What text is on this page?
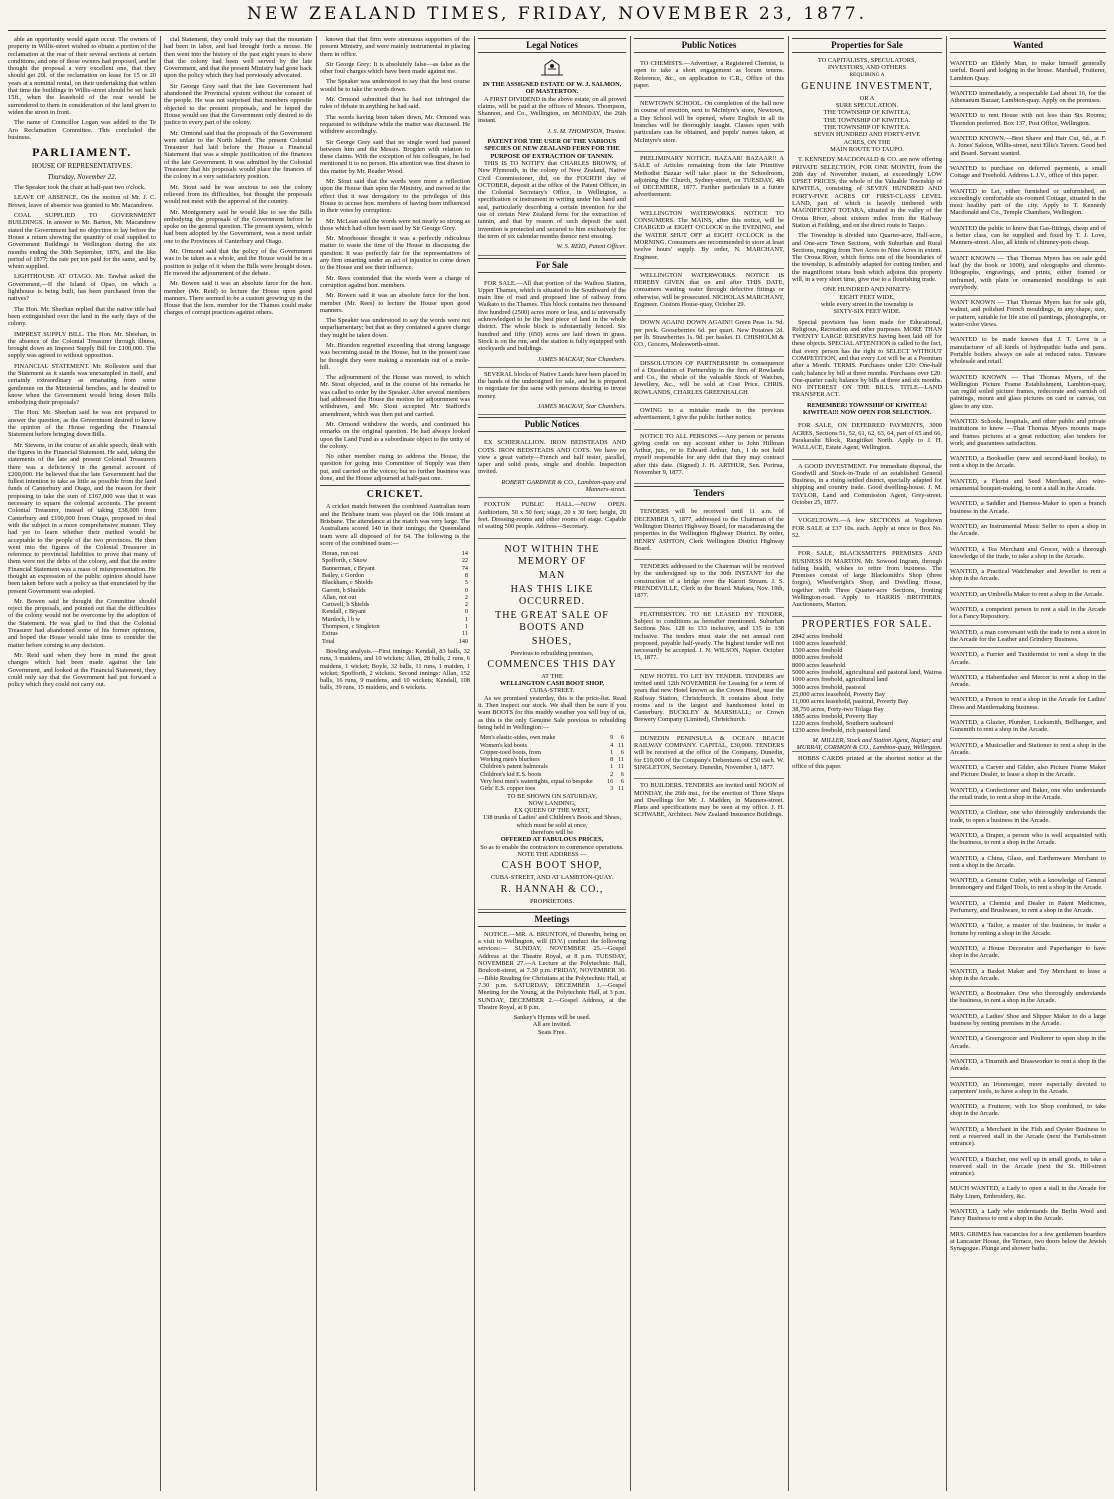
NEW ZEALAND TIMES, FRIDAY, NOVEMBER 23, 1877.
able an opportunity would again occur. The owners of property in Willis-street wished to obtain a portion of the reclamation at the rear of their several sections at certain conditions, and one of those owners had proposed, and he thought the proposal a very excellent one, that they should get 20l. of the reclamation on lease for 15 or 20 years at a nominal rental, on their undertaking that within that time the buildings in Willis-street should be set back 15ft., when the leasehold of the rear would be surrendered to them in consideration of the land given to widen the street in front.
The name of Councillor Logan was added to the Te Aro Reclamation Committee. This concluded the business.
PARLIAMENT.
HOUSE OF REPRESENTATIVES.
Thursday, November 22.
The Speaker took the chair at half-past two o'clock.
LEAVE OF ABSENCE. On the motion of Mr. J. C. Brown, leave of absence was granted to Mr. Macandrew.
COAL SUPPLIED TO GOVERNMENT BUILDINGS. In answer to Mr. Barton, Mr. Macandrew stated the Government had no objection to lay before the House a return showing the quantity of coal supplied to Government Buildings in Wellington during the six months ending the 30th September, 1876, and the like period of 1877; the rate per ton paid for the same, and by whom supplied.
LIGHTHOUSE AT OTAGO. Mr. Tawhai asked the Government,—If the Island of Opao, on which a lighthouse is being built, has been purchased from the natives?
The Hon. Mr. Sheehan replied that the native title had been extinguished over the land in the early days of the colony.
IMPREST SUPPLY BILL. The Hon. Mr. Sheehan, in the absence of the Colonial Treasurer through illness, brought down an Imprest Supply Bill for £100,000. The supply was agreed to without opposition.
FINANCIAL STATEMENT. Mr. Rolleston said that the Statement as it stands was unexampled in itself, and certainly extraordinary as emanating from some gentlemen on the Ministerial benches, and he desired to know when the Government would bring down Bills embodying their proposals?
The Hon. Mr. Sheehan said he was not prepared to answer the question, as the Government desired to know the opinion of the House regarding the Financial Statement before bringing down Bills.
Mr. Stevens, in the course of an able speech, dealt with the figures in the Financial Statement. He said, taking the statements of the late and present Colonial Treasurers there was a deficiency in the general account of £200,000. He believed that the late Government had the fullest intention to take as little as possible from the land funds of Canterbury and Otago, and the reason for their proposing to take the sum of £167,000 was that it was necessary to square the colonial accounts. The present Colonial Treasurer, instead of taking £38,000 from Canterbury and £100,000 from Otago, proposed to deal with the subject in a more comprehensive manner. They had yet to learn whether their method would be acceptable to the people of the two provinces. He then went into the figures of the Colonial Treasurer in reference to provincial liabilities to prove that many of them were not the debts of the colony, and that the entire Financial Statement was a mass of misrepresentation. He thought an expression of the public opinion should have been taken before such a policy as that enunciated by the present Government was adopted.
Mr. Bowen said he thought the Committee should reject the proposals, and pointed out that the difficulties of the colony would not be overcome by the adoption of the Statement. He was glad to find that the Colonial Treasurer had abandoned some of his former opinions, and hoped the House would take time to consider the matter before coming to any decision.
Mr. Reid said when they bore in mind the great changes which had been made against the late Government, and looked at the Financial Statement, they could only say that the Government had put forward a policy which they could not carry out.
cial Statement, they could truly say that the mountain had been in labor, and had brought forth a mouse. He then went into the history of the past eight years to show that the colony had been well served by the late Government, and that the present Ministry had gone back upon the policy which they had previously advocated.
Sir George Grey said that the late Government had abandoned the Provincial system without the consent of the people. He was not surprised that members opposite objected to the present proposals, and he hoped the House would see that the Government only desired to do justice to every part of the colony.
Mr. Ormond said that the proposals of the Government were unfair to the North Island. The present Colonial Treasurer had laid before the House a Financial Statement that was a simple justification of the finances of the late Government. It was admitted by the Colonial Treasurer that his proposals would place the finances of the colony in a very satisfactory position.
Mr. Stout said he was anxious to see the colony relieved from its difficulties, but thought the proposals would not meet with the approval of the country.
Mr. Montgomery said he would like to see the Bills embodying the proposals of the Government before he spoke on the general question. The present system, which had been adopted by the Government, was a most unfair one to the Provinces of Canterbury and Otago.
Mr. Ormond said that the policy of the Government was to be taken as a whole, and the House would be in a position to judge of it when the Bills were brought down. He moved the adjournment of the debate.
Mr. Bowen said it was an absolute farce for the hon. member (Mr. Reid) to lecture the House upon good manners. There seemed to be a custom growing up in the House that the hon. member for the Thames could make charges of corrupt practices against others.
known that that firm were strenuous supporters of the present Ministry, and were mainly instrumental in placing them in office.
Sir George Grey: It is absolutely false—as false as the other foul charges which have been made against me.
The Speaker was understood to say that the best course would be to take the words down.
Mr. Ormond submitted that he had not infringed the rules of debate in anything he had said.
The words having been taken down, Mr. Ormond was requested to withdraw while the matter was discussed. He withdrew accordingly.
Sir George Grey said that no single word had passed between him and the Messrs. Brogden with relation to these claims. With the exception of his colleagues, he had mentioned it to no person. His attention was first drawn to this matter by Mr. Reader Wood.
Mr. Stout said that the words were more a reflection upon the House than upon the Ministry, and moved to the effect that it was derogatory to the privileges of this House to accuse hon. members of having been influenced in their votes by corruption.
Mr. McLean said the words were not nearly so strong as those which had often been used by Sir George Grey.
Mr. Moorhouse thought it was a perfectly ridiculous matter to waste the time of the House in discussing the question. It was perfectly fair for the representatives of any firm smarting under an act of injustice to come down to the House and see their influence.
Mr. Rees contended that the words were a charge of corruption against hon. members.
Mr. Rowen said it was an absolute farce for the hon. member (Mr. Rees) to lecture the House upon good manners.
The Speaker was understood to say the words were not unparliamentary; but that as they contained a grave charge they might be taken down.
Mr. Brandon regretted exceeding that strong language was becoming usual in the House, but in the present case he thought they were making a mountain out of a mole-hill.
The adjournment of the House was moved, to which Mr. Stout objected, and in the course of his remarks he was called to order by the Speaker. After several members had addressed the House the motion for adjournment was withdrawn, and Mr. Stout accepted Mr. Stafford's amendment, which was then put and carried.
Mr. Ormond withdrew the words, and continued his remarks on the original question. He had always looked upon the Land Fund as a subordinate object to the unity of the colony.
No other member rising to address the House, the question for going into Committee of Supply was then put, and carried on the voices; but no further business was done, and the House adjourned at half-past one.
CRICKET.
A cricket match between the combined Australian team and the Brisbane team was played on the 10th instant at Brisbane. The attendance at the match was very large. The Australians scored 140 in their innings; the Queensland team were all disposed of for 64. The following is the score of the combined team:—
Horan, run out	14
Spofforth, c Snow	22
Bannerman, c Bryant	74
Bailey, c Gordon	8
Blackham, c Shields	5
Garrett, b Shields	0
Allan, not out	2
Cartwell, b Shields	2
Kendall, c Bryant	0
Murdoch, l b w	1
Thompson, c Singleton	1
Extras	11
Total	140
Bowling analysis.—First innings: Kendall, 83 balls, 32 runs, 3 maidens, and 10 wickets; Allan, 28 balls, 2 runs, 6 maidens, 1 wicket; Boyle, 32 balls, 11 runs, 1 maiden, 1 wicket; Spofforth, 2 wickets. Second innings: Allan, 152 balls, 16 runs, 9 maidens, and 10 wickets; Kendall, 108 balls, 39 runs, 15 maidens, and 6 wickets.
Legal Notices
IN THE ASSIGNED ESTATE OF W. J. SALMON, OF MASTERTON.
A FIRST DIVIDEND in the above estate, on all proved claims, will be paid at the offices of Messrs. Thompson, Shannon, and Co., Wellington, on MONDAY, the 26th instant.
J. S. M. THOMPSON, Trustee.
PATENT FOR THE USER OF THE VARIOUS SPECIES OF NEW ZEALAND FERN FOR THE PURPOSE OF EXTRACTION OF TANNIN.
THIS IS TO NOTIFY that CHARLES BROWN, of New Plymouth, in the colony of New Zealand, Native Civil Commissioner, did, on the FOURTH day of OCTOBER, deposit at the office of the Patent Officer, in the Colonial Secretary's Office, in Wellington, a specification or instrument in writing under his hand and seal, particularly describing a certain invention for the use of certain New Zealand ferns for the extraction of tannin, and that by reason of such deposit the said invention is protected and secured to him exclusively for the term of six calendar months thence next ensuing.
W. S. REID, Patent Officer.
For Sale
FOR SALE.—All that portion of the Waihou Station, Upper Thames, which is situated to the Southward of the main line of road and proposed line of railway from Waikato to the Thames. This block contains two thousand five hundred (2500) acres more or less, and is universally acknowledged to be the best piece of land in the whole district. The whole block is substantially fenced. Six hundred and fifty (650) acres are laid down in grass. Stock is on the run, and the station is fully equipped with stockyards and buildings.
JAMES MACKAY, Star Chambers.
SEVERAL blocks of Native Lands have been placed in the hands of the undersigned for sale, and he is prepared to negotiate for the same with persons desiring to invest money.
JAMES MACKAY, Star Chambers.
Public Notices
EX SCHIERALLION. IRON BEDSTEADS AND COTS. IRON BEDSTEADS AND COTS. We have on view a great variety—French and half tester, parallel, taper and solid posts, single and double. Inspection invited.
ROBERT GARDNER & CO., Lambton-quay and Manners-street.
FOXTON PUBLIC HALL.—NOW OPEN. Auditorium, 50 x 50 feet; stage, 20 x 30 feet; height, 20 feet. Dressing-rooms and other rooms of stage. Capable of seating 500 people. Address—Secretary.
NOT WITHIN THE MEMORY OF
MAN
HAS THIS LIKE OCCURRED.
THE GREAT SALE OF BOOTS AND
SHOES,
Previous to rebuilding premises,
COMMENCES THIS DAY
AT THE
WELLINGTON CASH BOOT SHOP,
CUBA-STREET.
As we promised yesterday, this is the price-list. Read it. Then inspect our stock. We shall then be sure if you want BOOTS for this muddy weather you will buy of us, as this is the only Genuine Sale previous to rebuilding being held in Wellington:—
Men's elastic-sides, own make	9	6
Women's kid boots	4	11
Copper-toed boots, from	1	6
Working men's bluchers	8	11
Children's patent balmorals	1	11
Children's kid E.S. boots	2	6
Very best men's watertights, equal to bespoke	16	6
Girls' E.S. copper toes	3	11
TO BE SHOWN ON SATURDAY,
NOW LANDING,
EX QUEEN OF THE WEST,
138 trunks of Ladies' and Children's Boots and Shoes, which must be sold at once,
therefore will be
OFFERED AT FABULOUS PRICES,
So as to enable the contractors to commence operations.
NOTE THE ADDRESS —
CASH BOOT SHOP,
CUBA-STREET, AND AT LAMBTON-QUAY.
R. HANNAH & CO.,
PROPRIETORS.
Meetings
NOTICE.—MR. A. BRUNTON, of Dunedin, being on a visit to Wellington, will (D.V.) conduct the following services:— SUNDAY, NOVEMBER 25.—Gospel Address at the Theatre Royal, at 8 p.m. TUESDAY, NOVEMBER 27.—A Lecture at the Polytechnic Hall, Boulcott-street, at 7.30 p.m. FRIDAY, NOVEMBER 30.—Bible Reading for Christians at the Polytechnic Hall, at 7.30 p.m. SATURDAY, DECEMBER 1.—Gospel Meeting for the Young, at the Polytechnic Hall, at 3 p.m. SUNDAY, DECEMBER 2.—Gospel Address, at the Theatre Royal, at 8 p.m.
Sankey's Hymns will be used.
All are invited.
Seats Free.
Public Notices
TO CHEMISTS.—Advertiser, a Registered Chemist, is open to take a short engagement as locum tenens. Reference, &c., on application to C.R., Office of this paper.
NEWTOWN SCHOOL. On completion of the hall now in course of erection, next to McIntyre's store, Newtown, a Day School will be opened, where English in all its branches will be thoroughly taught. Classes open with particulars can be obtained, and pupils' names taken, at McIntyre's store.
PRELIMINARY NOTICE. BAZAAR! BAZAAR!! A SALE of Articles remaining from the late Primitive Methodist Bazaar will take place in the Schoolroom, adjoining the Church, Sydney-street, on TUESDAY, 4th of DECEMBER, 1877. Further particulars in a future advertisement.
WELLINGTON WATERWORKS. NOTICE TO CONSUMERS. The MAINS, after this notice, will be CHARGED at EIGHT O'CLOCK in the EVENING, and the WATER SHUT OFF at EIGHT O'CLOCK in the MORNING. Consumers are recommended to store at least twelve hours' supply. By order, N. MARCHANT, Engineer.
WELLINGTON WATERWORKS. NOTICE IS HEREBY GIVEN that on and after THIS DATE, consumers wasting water through defective fittings or otherwise, will be prosecuted. NICHOLAS MARCHANT, Engineer. Custom House-quay, October 29.
DOWN AGAIN! DOWN AGAIN!! Green Peas 1s. 9d. per peck. Gooseberries 6d. per quart. New Potatoes 2d. per lb. Strawberries 1s. 9d. per basket. D. CHISHOLM & CO., Grocers, Molesworth-street.
DISSOLUTION OF PARTNERSHIP. In consequence of a Dissolution of Partnership in the firm of Rowlands and Co., the whole of the valuable Stock of Watches, Jewellery, &c., will be sold at Cost Price. CHRIS. ROWLANDS, CHARLES GREENHALGH.
OWING to a mistake made in the previous advertisement, I give the public further notice.
NOTICE TO ALL PERSONS.—Any person or persons giving credit on my account either to John Hillman Arthur, jun., or to Edward Arthur, Jun., I do not hold myself responsible for any debt that they may contract after this date. (Signed) J. H. ARTHUR, Sen. Porirua, November 9, 1877.
Tenders
TENDERS will be received until 11 a.m. of DECEMBER 5, 1877, addressed to the Chairman of the Wellington District Highway Board, for macadamising the properties in the Wellington Highway District. By order, HENRY ASHTON, Clerk Wellington District Highway Board.
TENDERS addressed to the Chairman will be received by the undersigned up to the 30th INSTANT for the construction of a bridge over the Karori Stream. J. S. PRENDEVILLE, Clerk to the Board. Makara, Nov. 19th, 1877.
FEATHERSTON. TO BE LEASED BY TENDER, Subject to conditions as hereafter mentioned. Suburban Sections Nos. 128 to 133 inclusive, and 135 to 138 inclusive. The tenders must state the net annual rent proposed, payable half-yearly. The highest tender will not necessarily be accepted. J. N. WILSON, Napier. October 15, 1877.
NEW HOTEL TO LET BY TENDER. TENDERS are invited until 12th NOVEMBER for Leasing for a term of years that new Hotel known as the Crown Hotel, near the Railway Station, Christchurch. It contains about forty rooms and is the largest and handsomest hotel in Canterbury. BUCKLEY & MARSHALL; or Crown Brewery Company (Limited), Christchurch.
DUNEDIN PENINSULA & OCEAN BEACH RAILWAY COMPANY. CAPITAL, £30,000. TENDERS will be received at the office of the Company, Dunedin, for £10,000 of the Company's Debentures of £50 each. W. SINGLETON, Secretary. Dunedin, November 1, 1877.
TO BUILDERS. TENDERS are invited until NOON of MONDAY, the 26th inst., for the erection of Three Shops and Dwellings for Mr. J. Madden, in Manners-street. Plans and specifications may be seen at my office. J. H. SCHWABE, Architect. New Zealand Insurance Buildings.
Properties for Sale
TO CAPITALISTS, SPECULATORS,
INVESTORS, AND OTHERS
REQUIRING A
GENUINE INVESTMENT,
OR A
SURE SPECULATION.
THE TOWNSHIP OF KIWITEA,
THE TOWNSHIP OF KIWITEA.
THE TOWNSHIP OF KIWITEA.
SEVEN HUNDRED AND FORTY-FIVE
ACRES, ON THE
MAIN ROUTE TO TAUPO.
T. KENNEDY MACDONALD & CO. are now offering PRIVATE SELECTION, FOR ONE MONTH, from the 20th day of November instant, at exceedingly LOW UPSET PRICES, the whole of the Valuable Township of KIWITEA, consisting of SEVEN HUNDRED AND FORTY-FIVE ACRES OF FIRST-CLASS LEVEL LAND, part of which is heavily timbered with MAGNIFICENT TOTARA, situated in the valley of the Oroua River, about sixteen miles from the Railway Station at Feilding, and on the direct route to Taupo.
The Township is divided into Quarter-acre, Half-acre, and One-acre Town Sections, with Suburban and Rural Sections, ranging from Two Acres to Nine Acres in extent. The Oroua River, which forms one of the boundaries of the township, is admirably adapted for cutting timber, and the magnificent totara bush which adjoins this property will, in a very short time, give rise to a flourishing trade.
ONE HUNDRED AND NINETY-
EIGHT FEET WIDE,
while every street in the township is
SIXTY-SIX FEET WIDE.
Special provision has been made for Educational, Religious, Recreation and other purposes. MORE THAN TWENTY LARGE RESERVES having been laid off for these objects. SPECIAL ATTENTION is called to the fact, that every person has the right to SELECT WITHOUT COMPETITION, and that every Lot will be at a Premium after a Month. TERMS. Purchases under £20: One-half cash; balance by bill at three months. Purchases over £20: One-quarter cash; balance by bills at three and six months. NO INTEREST ON THE BILLS. TITLE—LAND TRANSFER ACT.
REMEMBER! TOWNSHIP OF KIWITEA! KIWITEA!!! NOW OPEN FOR SELECTION.
FOR SALE, ON DEFERRED PAYMENTS, 3000 ACRES, Sections 51, 52, 61, 62, 63, 64, part of 65 and 66, Parakarahu Block, Rangitikei North. Apply to J. H. WALLACE, Estate Agent, Wellington.
A GOOD INVESTMENT. For immediate disposal, the Goodwill and Stock-in-Trade of an established General Business, in a rising settled district, specially adapted for shipping and country trade. Good dwelling-house. J. M. TAYLOR, Land and Commission Agent, Grey-street. October 25, 1877.
VOGELTOWN.—A few SECTIONS at Vogeltown FOR SALE at £37 10s. each. Apply at once to Box No. 52.
FOR SALE, BLACKSMITH'S PREMISES AND BUSINESS IN MARTON. Mr. Sowood Ingram, through failing health, wishes to retire from business. The Premises consist of large Blacksmith's Shop (three forges), Wheelwright's Shop, and Dwelling House, together with Three Quarter-acre Sections, fronting Wellington-road. Apply to HARRIS BROTHERS, Auctioneers, Marton.
PROPERTIES FOR SALE.
2842 acres freehold
1600 acres leasehold
1500 acres freehold
8000 acres freehold
8000 acres leasehold
5000 acres freehold, agricultural and pastoral land, Wairoa
1000 acres freehold, agricultural land
3000 acres freehold, pastoral
25,000 acres leasehold, Poverty Bay
11,000 acres leasehold, pastoral, Poverty Bay
38,750 acres, Forty-two Tolaga Bay
1885 acres freehold, Poverty Bay
1220 acres freehold, Southern seaboard
1230 acres freehold, rich pastoral land
M. MILLER, Stock and Station Agent, Napier; and MURRAY, CORMON & CO., Lambton-quay, Wellington.
HOBBS CARDS printed at the shortest notice at the office of this paper.
Wanted
WANTED an Elderly Man, to make himself generally useful. Board and lodging in the house. Marshall, Fruiterer, Lambton Quay.
WANTED immediately, a respectable Lad about 16, for the Athenaeum Bazaar, Lambton-quay. Apply on the premises.
WANTED to rent House with not less than Six Rooms; Thorndon preferred. Box 137, Post Office, Wellington.
WANTED KNOWN.—Best Shave and Hair Cut, 6d., at F. A. Jones' Saloon, Willis-street, next Ellis's Tavern. Good bed and Board. Servant wanted.
WANTED to purchase on deferred payments, a small Cottage and Freehold. Address L.J.V., office of this paper.
WANTED to Let, either furnished or unfurnished, an exceedingly comfortable six-roomed Cottage, situated in the most healthy part of the city. Apply to T. Kennedy Macdonald and Co., Temple Chambers, Wellington.
WANTED the public to know that Gas-fittings, cheap and of a better class, can be supplied and fixed by T. J. Love, Manners-street. Also, all kinds of chimney-pots cheap.
WANT KNOWN — That Thomas Myers has on sale gold leaf (by the book or 1000), and oleographs and chromo-lithographs, engravings, and prints, either framed or unframed, with plain or ornamented mouldings to suit everybody.
WANT KNOWN — That Thomas Myers has for sale gilt, walnut, and polished French mouldings, in any shape, size, or pattern, suitable for life size oil paintings, photographs, or water-color views.
WANTED to be made known that J. T. Love is a manufacturer of all kinds of hydropathic baths and pans. Portable boilers always on sale at reduced rates. Tinware wholesale and retail.
WANTED KNOWN — That Thomas Myers, of the Wellington Picture Frame Establishment, Lambton-quay, can regild soiled picture frames, redecorate and varnish oil paintings, mount and glass pictures on card or canvas, cut glass to any size.
WANTED. Schools, hospitals, and other public and private institutions to know —That Thomas Myers mounts maps and frames pictures at a great reduction; also tenders for work, and guarantees satisfaction.
WANTED, a Bookseller (new and second-hand books), to rent a shop in the Arcade.
WANTED, a Florist and Seed Merchant, also wire-ornamental bouquet-making, to rent a stall in the Arcade.
WANTED, a Saddler and Harness-Maker to open a branch business in the Arcade.
WANTED, an Instrumental Music Seller to open a shop in the Arcade.
WANTED, a Tea Merchant and Grocer, with a thorough knowledge of the trade, to take a shop in the Arcade.
WANTED, a Practical Watchmaker and Jeweller to rent a shop in the Arcade.
WANTED, an Umbrella Maker to rent a shop in the Arcade.
WANTED, a competent person to rent a stall in the Arcade for a Fancy Repository.
WANTED, a man conversant with the trade to rent a store in the Arcade for the Leather and Grindery Business.
WANTED, a Furrier and Taxidermist to rent a shop in the Arcade.
WANTED, a Haberdasher and Mercer to rent a shop in the Arcade.
WANTED, a Person to rent a shop in the Arcade for Ladies' Dress and Mantlemaking business.
WANTED, a Glazier, Plumber, Locksmith, Bellhanger, and Gunsmith to rent a shop in the Arcade.
WANTED, a Musicseller and Stationer to rent a shop in the Arcade.
WANTED, a Carver and Gilder, also Picture Frame Maker and Picture Dealer, to lease a shop in the Arcade.
WANTED, a Confectioner and Baker, one who understands the retail trade, to rent a shop in the Arcade.
WANTED, a Clothier, one who thoroughly understands the trade, to open a business in the Arcade.
WANTED, a Draper, a person who is well acquainted with the business, to rent a shop in the Arcade.
WANTED, a China, Glass, and Earthenware Merchant to rent a shop in the Arcade.
WANTED, a Genuine Cutler, with a knowledge of General Ironmongery and Edged Tools, to rent a shop in the Arcade.
WANTED, a Chemist and Dealer in Patent Medicines, Perfumery, and Brushware, to rent a shop in the Arcade.
WANTED, a Tailor, a master of the business, to make a fortune by renting a shop in the Arcade.
WANTED, a House Decorator and Paperhanger to have shop in the Arcade.
WANTED, a Basket Maker and Toy Merchant to lease a shop in the Arcade.
WANTED, a Bootmaker. One who thoroughly understands the business, to rent a shop in the Arcade.
WANTED, a Ladies' Shoe and Slipper Maker to do a large business by renting premises in the Arcade.
WANTED, a Greengrocer and Poulterer to open shop in the Arcade.
WANTED, a Tinsmith and Brassworker to rent a shop in the Arcade.
WANTED, an Ironmonger, more especially devoted to carpenters' tools, to have a shop in the Arcade.
WANTED, a Fruiterer, with Ice Shop combined, to take shop in the Arcade.
WANTED, a Merchant in the Fish and Oyster Business to rent a reserved stall in the Arcade (next the Farish-street entrance).
WANTED, a Butcher, one well up in small goods, to take a reserved stall in the Arcade (next the St. Hill-street entrance).
MUCH WANTED, a Lady to open a stall in the Arcade for Baby Linen, Embroidery, &c.
WANTED, a Lady who understands the Berlin Wool and Fancy Business to rent a shop in the Arcade.
MRS. GRIMES has vacancies for a few gentlemen boarders at Lancaster House, the Terrace, two doors below the Jewish Synagogue. Plunge and shower baths.
